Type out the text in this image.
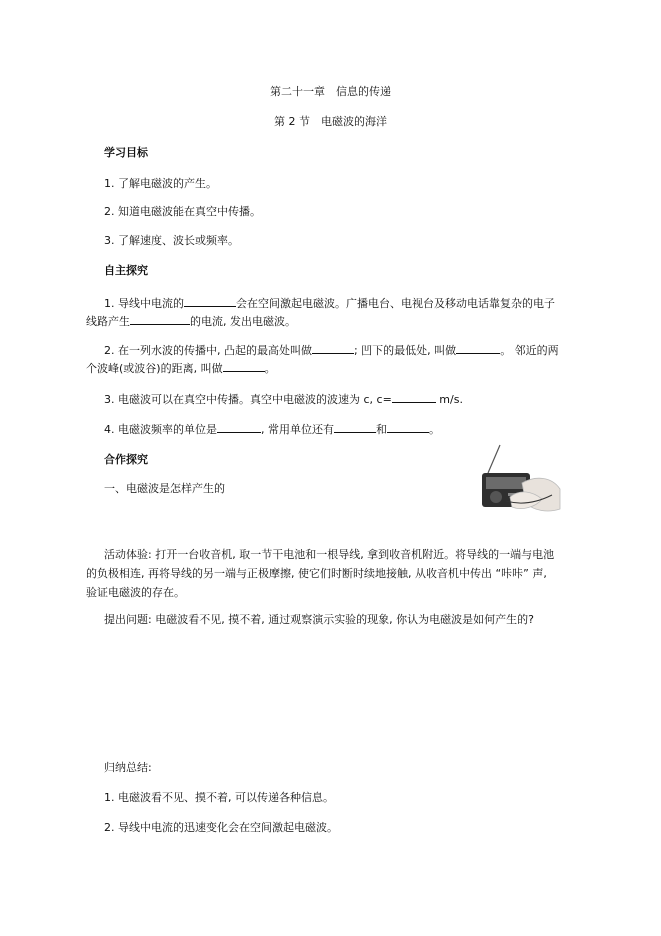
第二十一章　信息的传递
第 2 节　电磁波的海洋
学习目标
1. 了解电磁波的产生。
2. 知道电磁波能在真空中传播。
3. 了解速度、波长或频率。
自主探究
1. 导线中电流的	会在空间激起电磁波。广播电台、电视台及移动电话靠复杂的电子
线路产生	的电流, 发出电磁波。
2. 在一列水波的传播中, 凸起的最高处叫做	; 凹下的最低处, 叫做	。 邻近的两
个波峰(或波谷)的距离, 叫做	。
3. 电磁波可以在真空中传播。真空中电磁波的波速为 c, c=	m/s.
4. 电磁波频率的单位是	, 常用单位还有	和	。
合作探究
一、电磁波是怎样产生的
活动体验: 打开一台收音机, 取一节干电池和一根导线, 拿到收音机附近。将导线的一端与电池
的负极相连, 再将导线的另一端与正极摩擦, 使它们时断时续地接触, 从收音机中传出 “咔咔” 声,
验证电磁波的存在。
提出问题: 电磁波看不见, 摸不着, 通过观察演示实验的现象, 你认为电磁波是如何产生的?
归纳总结:
1. 电磁波看不见、摸不着, 可以传递各种信息。
2. 导线中电流的迅速变化会在空间激起电磁波。
